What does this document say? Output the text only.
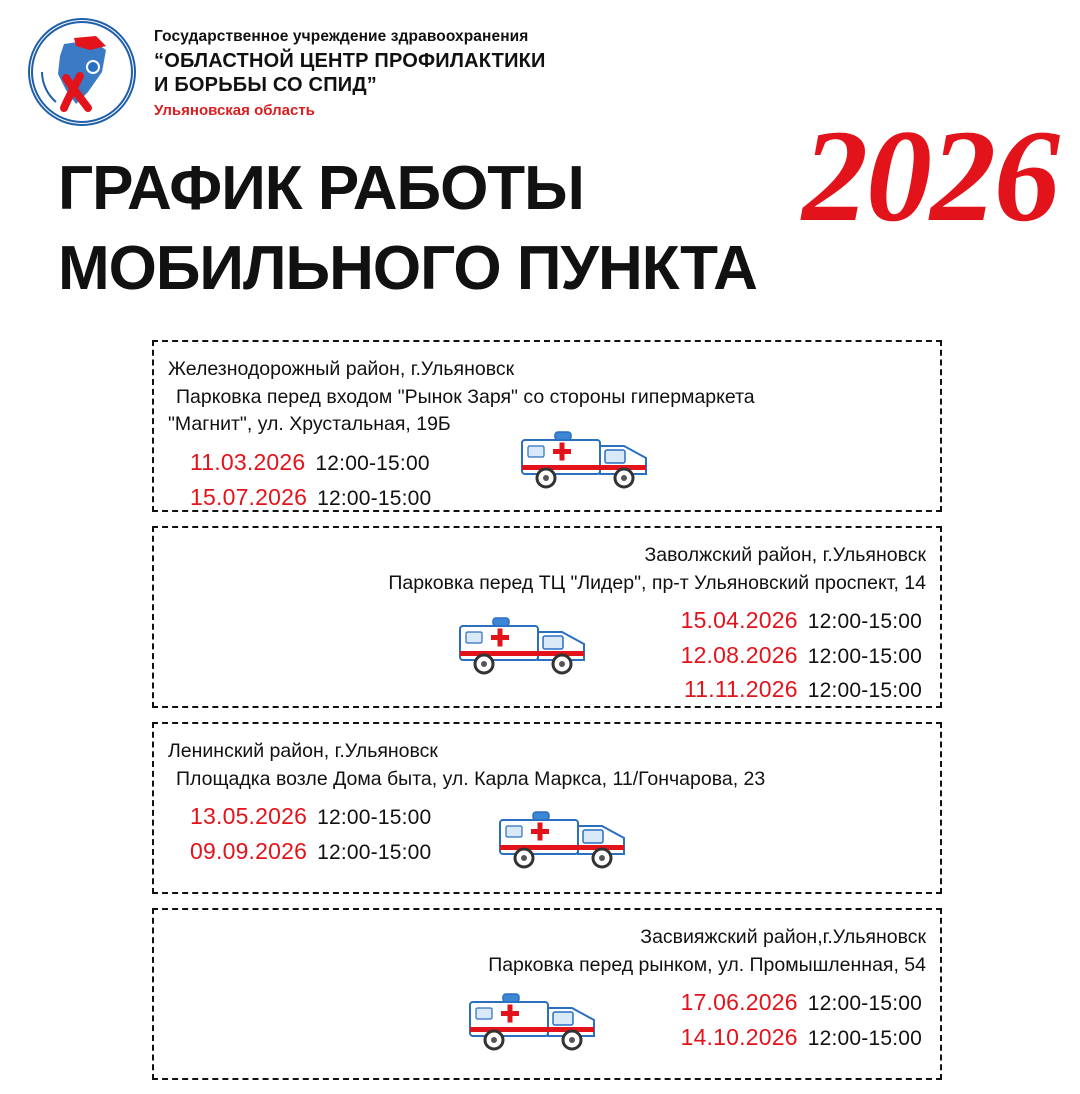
Государственное учреждение здравоохранения
“ОБЛАСТНОЙ ЦЕНТР ПРОФИЛАКТИКИ
И БОРЬБЫ СО СПИД”
Ульяновская область
ГРАФИК РАБОТЫ
МОБИЛЬНОГО ПУНКТА
2026
Железнодорожный район, г.Ульяновск
Парковка перед входом "Рынок Заря" со стороны гипермаркета
"Магнит", ул. Хрустальная, 19Б
11.03.2026 12:00-15:00
15.07.2026 12:00-15:00
Заволжский район, г.Ульяновск
Парковка перед ТЦ "Лидер", пр-т Ульяновский проспект, 14
15.04.2026 12:00-15:00
12.08.2026 12:00-15:00
11.11.2026 12:00-15:00
Ленинский район, г.Ульяновск
Площадка возле Дома быта, ул. Карла Маркса, 11/Гончарова, 23
13.05.2026 12:00-15:00
09.09.2026 12:00-15:00
Засвияжский район,г.Ульяновск
Парковка перед рынком, ул. Промышленная, 54
17.06.2026 12:00-15:00
14.10.2026 12:00-15:00
